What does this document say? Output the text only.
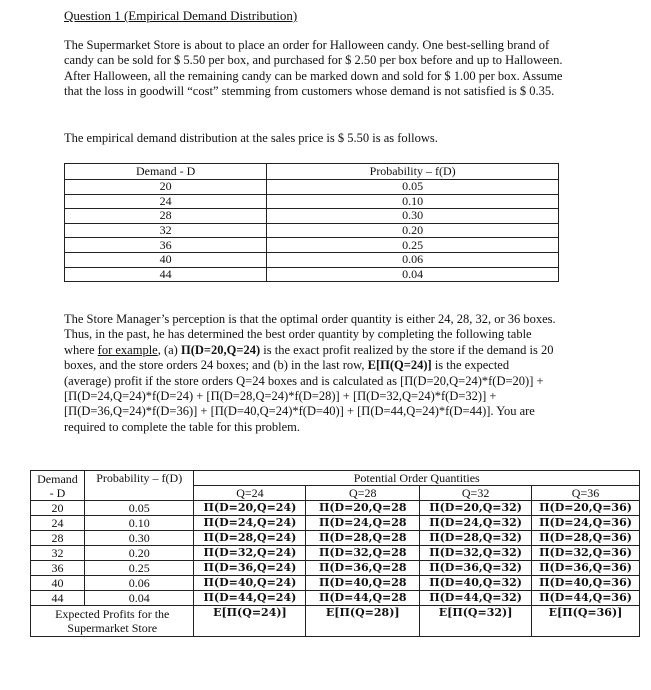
Question 1 (Empirical Demand Distribution)
The Supermarket Store is about to place an order for Halloween candy. One best-selling brand of candy can be sold for $ 5.50 per box, and purchased for $ 2.50 per box before and up to Halloween. After Halloween, all the remaining candy can be marked down and sold for $ 1.00 per box. Assume that the loss in goodwill “cost” stemming from customers whose demand is not satisfied is $ 0.35.
The empirical demand distribution at the sales price is $ 5.50 is as follows.
Demand - D	Probability – f(D)
20	0.05
24	0.10
28	0.30
32	0.20
36	0.25
40	0.06
44	0.04
The Store Manager’s perception is that the optimal order quantity is either 24, 28, 32, or 36 boxes. Thus, in the past, he has determined the best order quantity by completing the following table where for example, (a) Π(D=20,Q=24) is the exact profit realized by the store if the demand is 20 boxes, and the store orders 24 boxes; and (b) in the last row, E[Π(Q=24)] is the expected (average) profit if the store orders Q=24 boxes and is calculated as [Π(D=20,Q=24)*f(D=20)] + [Π(D=24,Q=24)*f(D=24) + [Π(D=28,Q=24)*f(D=28)] + [Π(D=32,Q=24)*f(D=32)] + [Π(D=36,Q=24)*f(D=36)] + [Π(D=40,Q=24)*f(D=40)] + [Π(D=44,Q=24)*f(D=44)]. You are required to complete the table for this problem.
Demand
- D	Probability – f(D)	Potential Order Quantities			
		Q=24	Q=28	Q=32	Q=36
20	0.05	Π(D=20,Q=24)	Π(D=20,Q=28	Π(D=20,Q=32)	Π(D=20,Q=36)
24	0.10	Π(D=24,Q=24)	Π(D=24,Q=28	Π(D=24,Q=32)	Π(D=24,Q=36)
28	0.30	Π(D=28,Q=24)	Π(D=28,Q=28	Π(D=28,Q=32)	Π(D=28,Q=36)
32	0.20	Π(D=32,Q=24)	Π(D=32,Q=28	Π(D=32,Q=32)	Π(D=32,Q=36)
36	0.25	Π(D=36,Q=24)	Π(D=36,Q=28	Π(D=36,Q=32)	Π(D=36,Q=36)
40	0.06	Π(D=40,Q=24)	Π(D=40,Q=28	Π(D=40,Q=32)	Π(D=40,Q=36)
44	0.04	Π(D=44,Q=24)	Π(D=44,Q=28	Π(D=44,Q=32)	Π(D=44,Q=36)

Expected Profits for the
Supermarket Store		E[Π(Q=24)]	E[Π(Q=28)]	E[Π(Q=32)]	E[Π(Q=36)]
